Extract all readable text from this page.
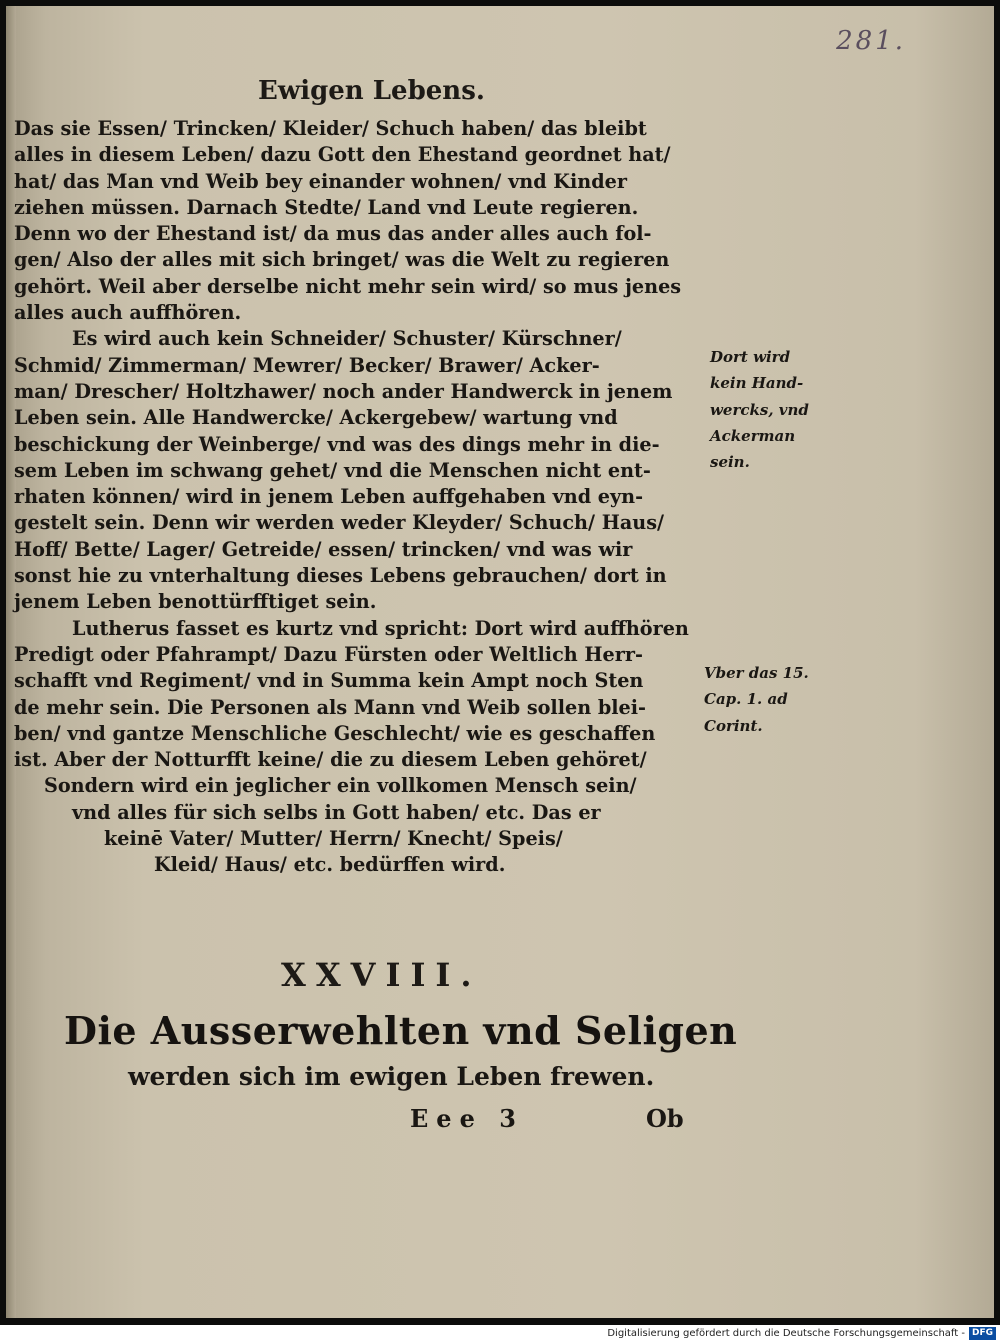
281.
Ewigen Lebens.
Das sie Essen/ Trincken/ Kleider/ Schuch haben/ das bleibt
alles in diesem Leben/ dazu Gott den Ehestand geordnet hat/
hat/ das Man vnd Weib bey einander wohnen/ vnd Kinder
ziehen müssen. Darnach Stedte/ Land vnd Leute regieren.
Denn wo der Ehestand ist/ da mus das ander alles auch fol-
gen/ Also der alles mit sich bringet/ was die Welt zu regieren
gehört. Weil aber derselbe nicht mehr sein wird/ so mus jenes
alles auch auffhören.
Es wird auch kein Schneider/ Schuster/ Kürschner/
Schmid/ Zimmerman/ Mewrer/ Becker/ Brawer/ Acker-
man/ Drescher/ Holtzhawer/ noch ander Handwerck in jenem
Leben sein. Alle Handwercke/ Ackergebew/ wartung vnd
beschickung der Weinberge/ vnd was des dings mehr in die-
sem Leben im schwang gehet/ vnd die Menschen nicht ent-
rhaten können/ wird in jenem Leben auffgehaben vnd eyn-
gestelt sein. Denn wir werden weder Kleyder/ Schuch/ Haus/
Hoff/ Bette/ Lager/ Getreide/ essen/ trincken/ vnd was wir
sonst hie zu vnterhaltung dieses Lebens gebrauchen/ dort in
jenem Leben benottürfftiget sein.
Lutherus fasset es kurtz vnd spricht: Dort wird auffhören
Predigt oder Pfahrampt/ Dazu Fürsten oder Weltlich Herr-
schafft vnd Regiment/ vnd in Summa kein Ampt noch Sten
de mehr sein. Die Personen als Mann vnd Weib sollen blei-
ben/ vnd gantze Menschliche Geschlecht/ wie es geschaffen
ist. Aber der Notturfft keine/ die zu diesem Leben gehöret/
Sondern wird ein jeglicher ein vollkomen Mensch sein/
vnd alles für sich selbs in Gott haben/ etc. Das er
keinē Vater/ Mutter/ Herrn/ Knecht/ Speis/
Kleid/ Haus/ etc. bedürffen wird.
Dort wird
kein Hand-
wercks, vnd
Ackerman
sein.
Vber das 15.
Cap. 1. ad
Corint.
XXVIII.
Die Ausserwehlten vnd Seligen
werden sich im ewigen Leben frewen.
Eee 3	Ob
Digitalisierung gefördert durch die Deutsche Forschungsgemeinschaft - DFG
